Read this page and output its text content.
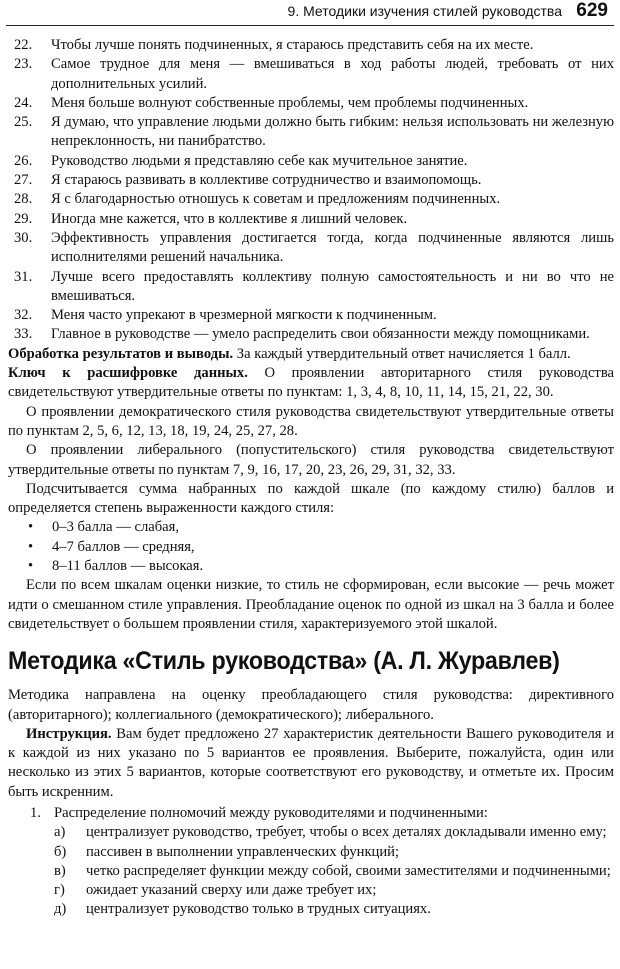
9. Методики изучения стилей руководства 629
22. Чтобы лучше понять подчиненных, я стараюсь представить себя на их месте.

23. Самое трудное для меня — вмешиваться в ход работы людей, требовать от них дополнительных усилий.

24. Меня больше волнуют собственные проблемы, чем проблемы подчиненных.

25. Я думаю, что управление людьми должно быть гибким: нельзя использовать ни железную непреклонность, ни панибратство.

26. Руководство людьми я представляю себе как мучительное занятие.

27. Я стараюсь развивать в коллективе сотрудничество и взаимопомощь.

28. Я с благодарностью отношусь к советам и предложениям подчиненных.

29. Иногда мне кажется, что в коллективе я лишний человек.

30. Эффективность управления достигается тогда, когда подчиненные являются лишь исполнителями решений начальника.

31. Лучше всего предоставлять коллективу полную самостоятельность и ни во что не вмешиваться.

32. Меня часто упрекают в чрезмерной мягкости к подчиненным.

33. Главное в руководстве — умело распределить свои обязанности между помощниками.

Обработка результатов и выводы. За каждый утвердительный ответ начисляется 1 балл.

Ключ к расшифровке данных. О проявлении авторитарного стиля руководства свидетельствуют утвердительные ответы по пунктам: 1, 3, 4, 8, 10, 11, 14, 15, 21, 22, 30.

О проявлении демократического стиля руководства свидетельствуют утвердительные ответы по пунктам 2, 5, 6, 12, 13, 18, 19, 24, 25, 27, 28.

О проявлении либерального (попустительского) стиля руководства свидетельствуют утвердительные ответы по пунктам 7, 9, 16, 17, 20, 23, 26, 29, 31, 32, 33.

Подсчитывается сумма набранных по каждой шкале (по каждому стилю) баллов и определяется степень выраженности каждого стиля:

• 0–3 балла — слабая,
• 4–7 баллов — средняя,
• 8–11 баллов — высокая.

Если по всем шкалам оценки низкие, то стиль не сформирован, если высокие — речь может идти о смешанном стиле управления. Преобладание оценок по одной из шкал на 3 балла и более свидетельствует о большем проявлении стиля, характеризуемого этой шкалой.

Методика «Стиль руководства» (А. Л. Журавлев)

Методика направлена на оценку преобладающего стиля руководства: директивного (авторитарного); коллегиального (демократического); либерального.

Инструкция. Вам будет предложено 27 характеристик деятельности Вашего руководителя и к каждой из них указано по 5 вариантов ее проявления. Выберите, пожалуйста, один или несколько из этих 5 вариантов, которые соответствуют его руководству, и отметьте их. Просим быть искренним.

1. Распределение полномочий между руководителями и подчиненными:

а) централизует руководство, требует, чтобы о всех деталях докладывали именно ему;

б) пассивен в выполнении управленческих функций;

в) четко распределяет функции между собой, своими заместителями и подчиненными;

г) ожидает указаний сверху или даже требует их;

д) централизует руководство только в трудных ситуациях.
